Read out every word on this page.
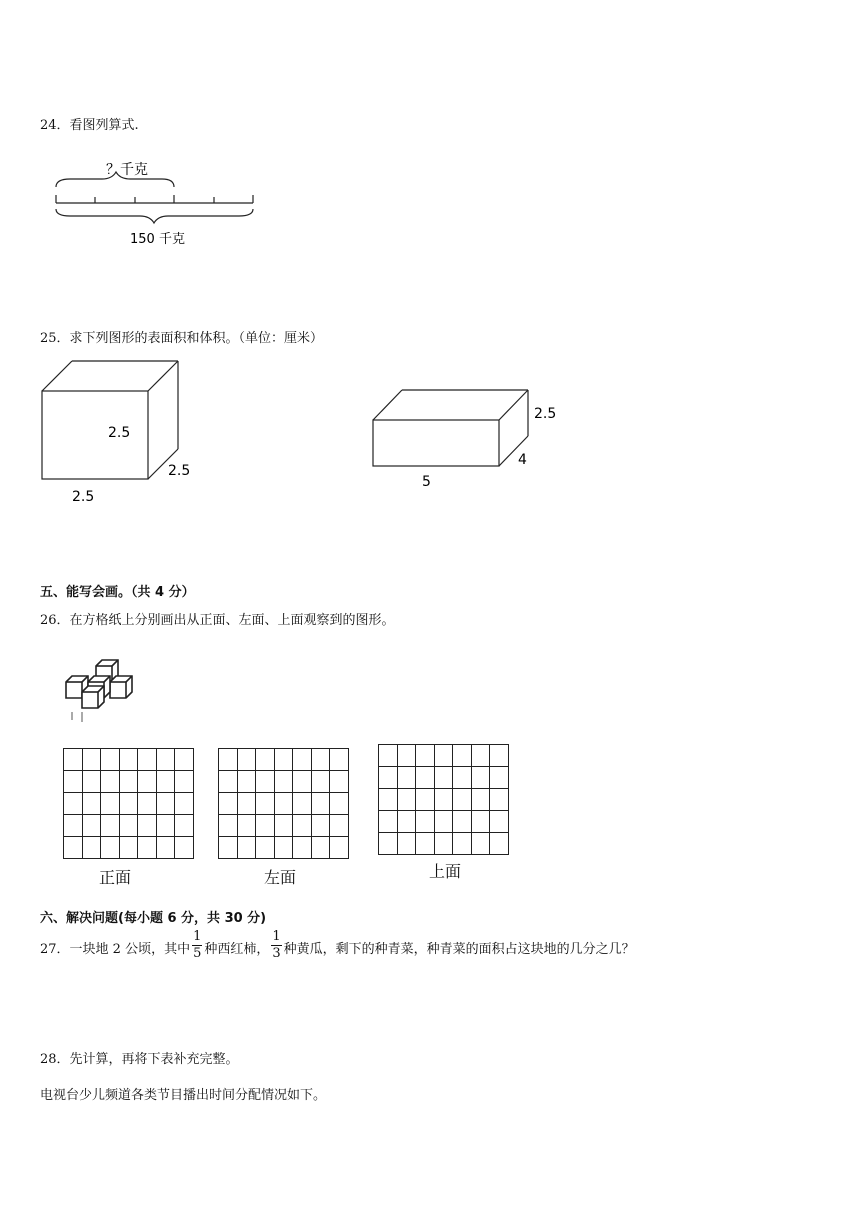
24．看图列算式.
？千克
150 千克
25．求下列图形的表面积和体积。（单位：厘米）
2.5
2.5
2.5
2.5
4
5
五、能写会画。（共 4 分）
26．在方格纸上分别画出从正面、左面、上面观察到的图形。

正面

							左面

							上面
六、解决问题(每小题 6 分，共 30 分)
27．一块地 2 公顷，其中 $\frac{1}{5}$ 种西红柿， $\frac{1}{3}$ 种黄瓜，剩下的种青菜，种青菜的面积占这块地的几分之几？
28．先计算，再将下表补充完整。
电视台少儿频道各类节目播出时间分配情况如下。
